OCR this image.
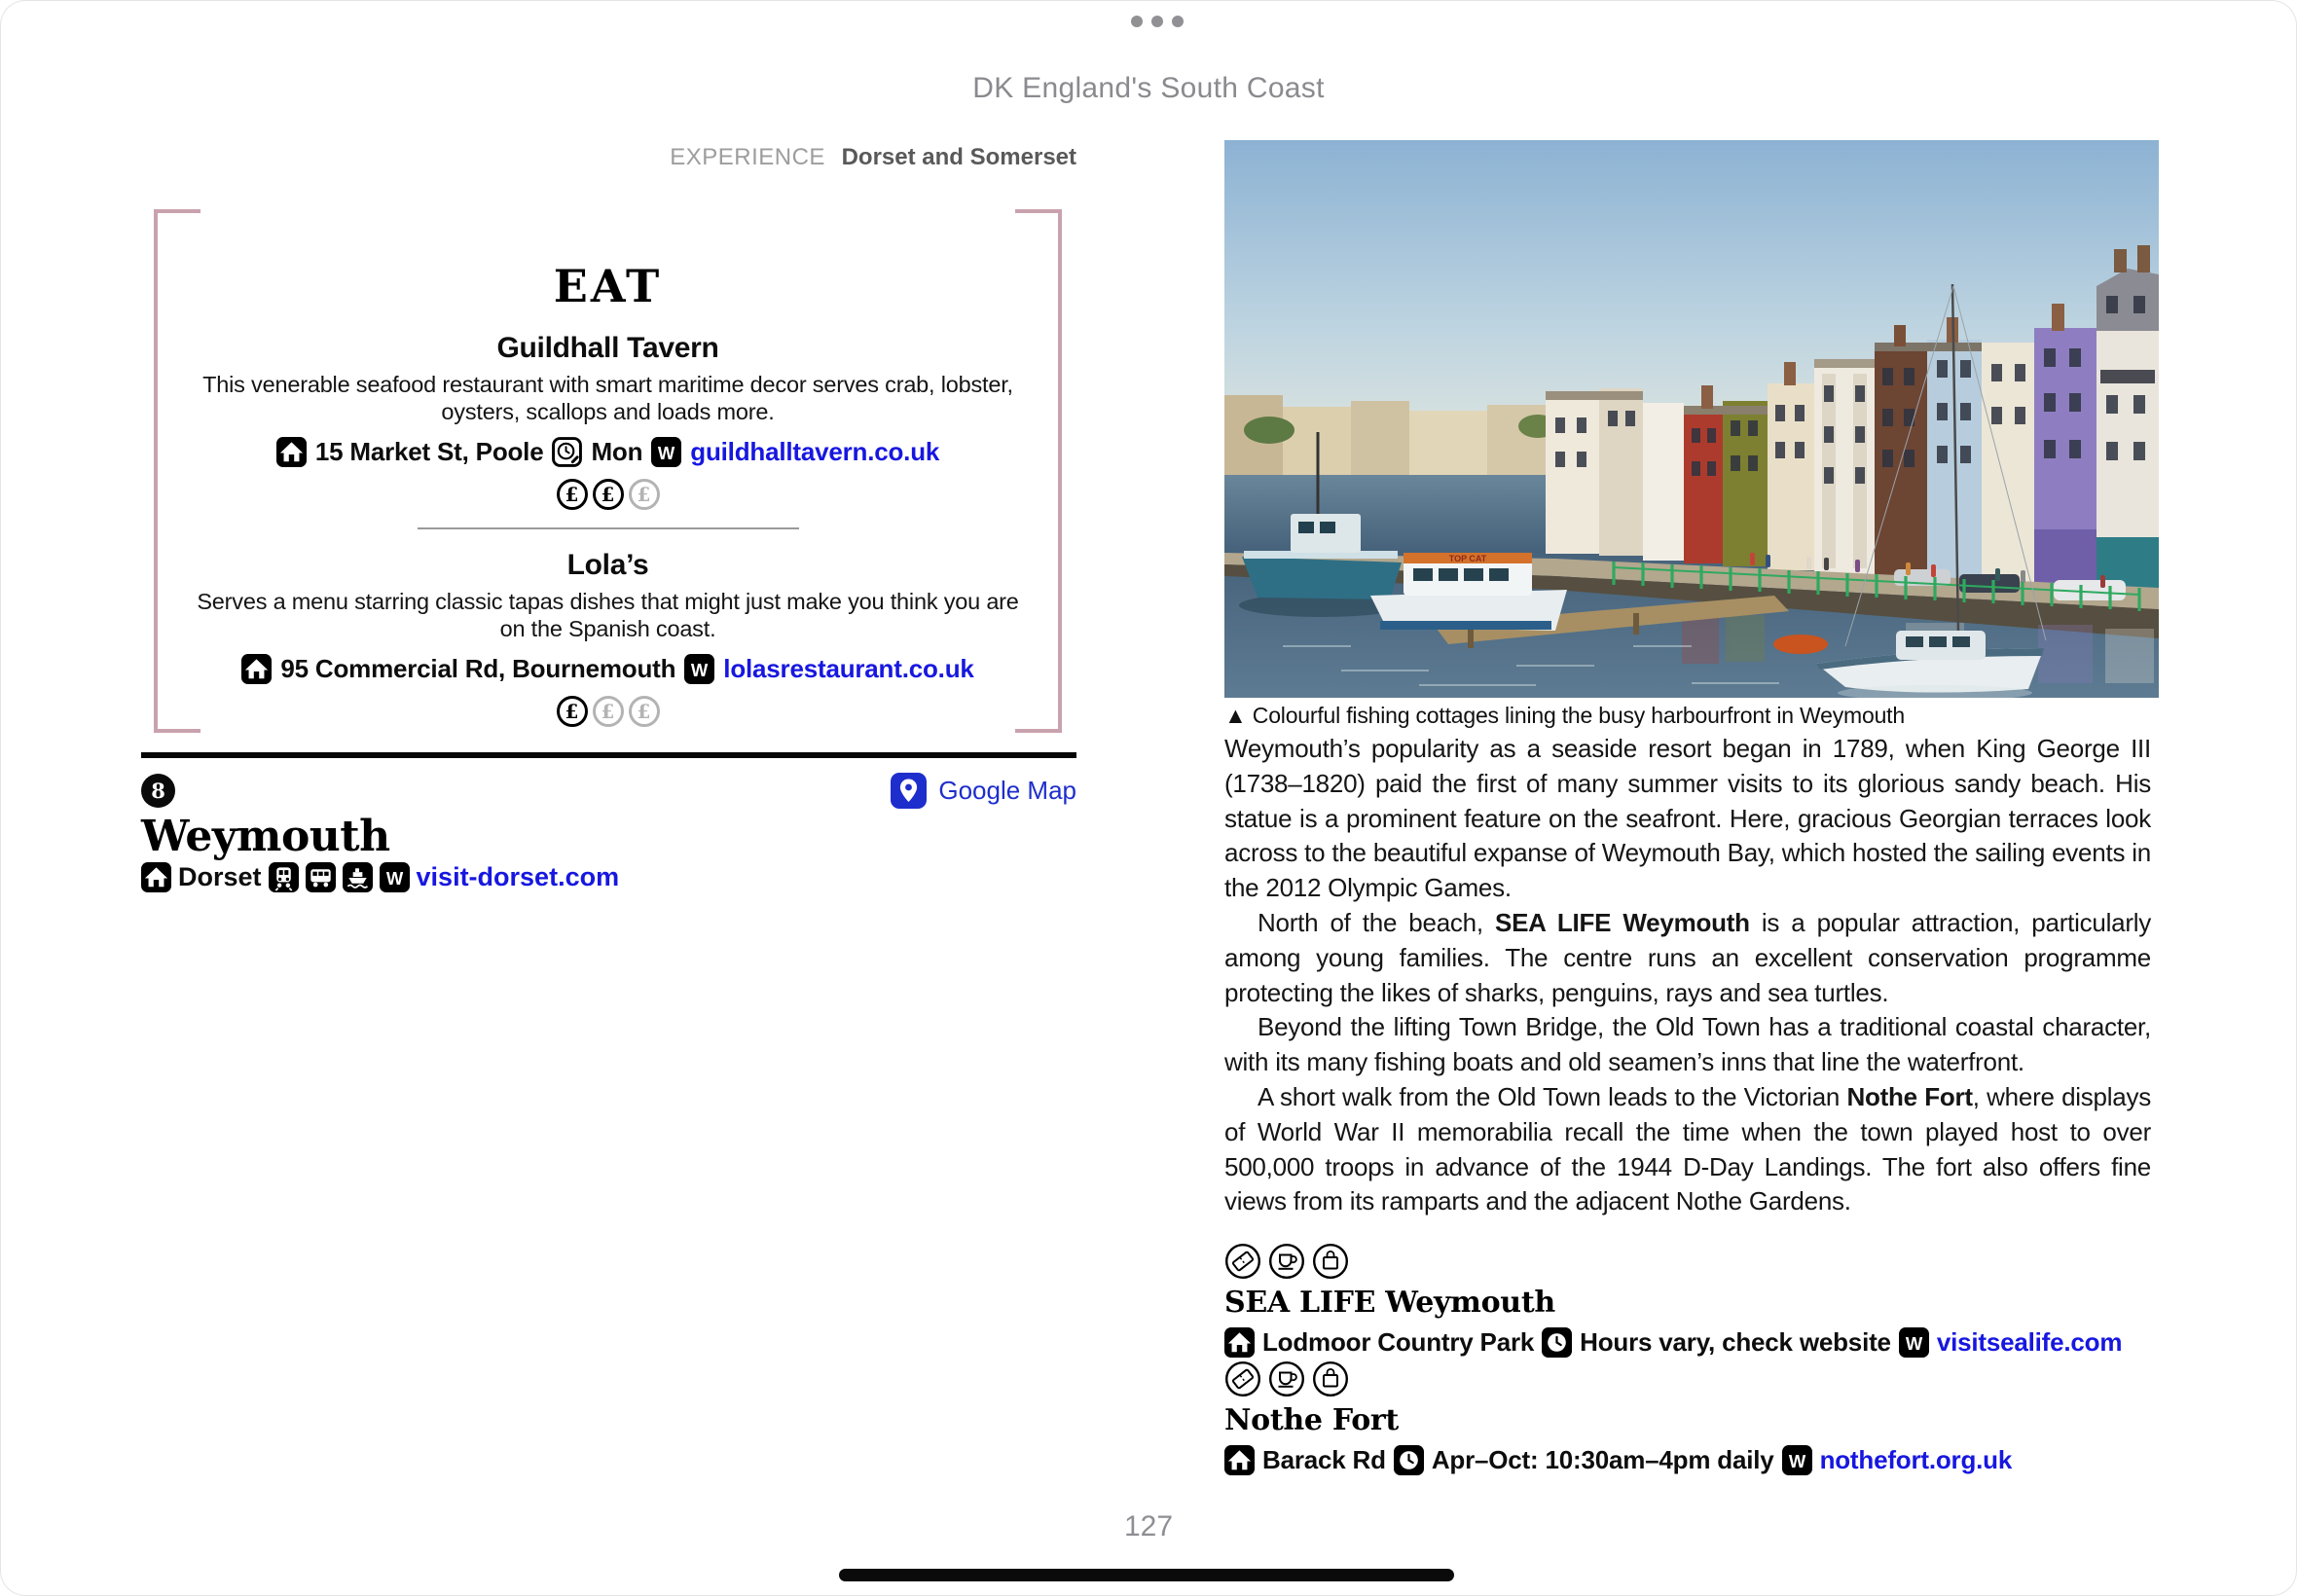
DK England's South Coast
EXPERIENCE Dorset and Somerset
EAT
Guildhall Tavern
This venerable seafood restaurant with smart maritime decor serves crab, lobster, oysters, scallops and loads more.
15 Market St, Poole Mon guildhalltavern.co.uk
£	£	£
Lola’s
Serves a menu starring classic tapas dishes that might just make you think you are on the Spanish coast.
95 Commercial Rd, Bournemouth lolasrestaurant.co.uk
£	£	£
8	Google Map
Weymouth
Dorset	visit-dorset.com
TOP CAT
▲ Colourful fishing cottages lining the busy harbourfront in Weymouth

Weymouth’s popularity as a seaside resort began in 1789, when King George III (1738–1820) paid the first of many summer visits to its glorious sandy beach. His statue is a prominent feature on the seafront. Here, gracious Georgian terraces look across to the beautiful expanse of Weymouth Bay, which hosted the sailing events in the 2012 Olympic Games.

North of the beach, SEA LIFE Weymouth is a popular attraction, particularly among young families. The centre runs an excellent conservation programme protecting the likes of sharks, penguins, rays and sea turtles.

Beyond the lifting Town Bridge, the Old Town has a traditional coastal character, with its many fishing boats and old seamen’s inns that line the waterfront.

A short walk from the Old Town leads to the Victorian Nothe Fort, where displays of World War II memorabilia recall the time when the town played host to over 500,000 troops in advance of the 1944 D-Day Landings. The fort also offers fine views from its ramparts and the adjacent Nothe Gardens.

SEA LIFE Weymouth
Lodmoor Country Park Hours vary, check website visitsealife.com
Nothe Fort
Barack Rd Apr–Oct: 10:30am–4pm daily nothefort.org.uk
127
